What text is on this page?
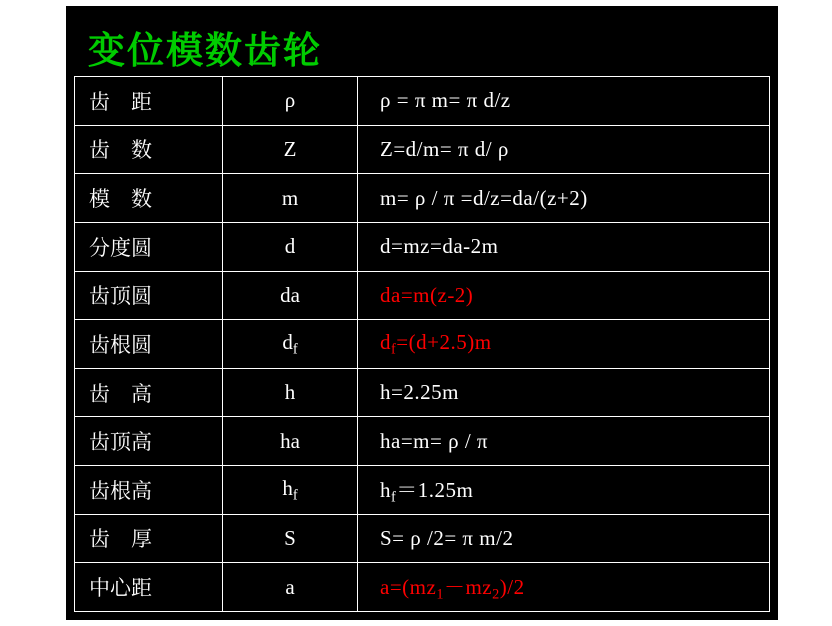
变位模数齿轮
齿　距	ρ	ρ = π m= π d/z
齿　数	Z	Z=d/m= π d/ ρ
模　数	m	m= ρ / π =d/z=da/(z+2)
分度圆	d	d=mz=da-2m
齿顶圆	da	da=m(z-2)
齿根圆	$d_f$	$d_f=(d+2.5)m$
齿　高	h	h=2.25m
齿顶高	ha	ha=m= ρ / π
齿根高	$h_f$	$h_f=1.25m$
齿　厚	S	S= ρ /2= π m/2
中心距	a	$a=(mz_1-mz_2)/2$
